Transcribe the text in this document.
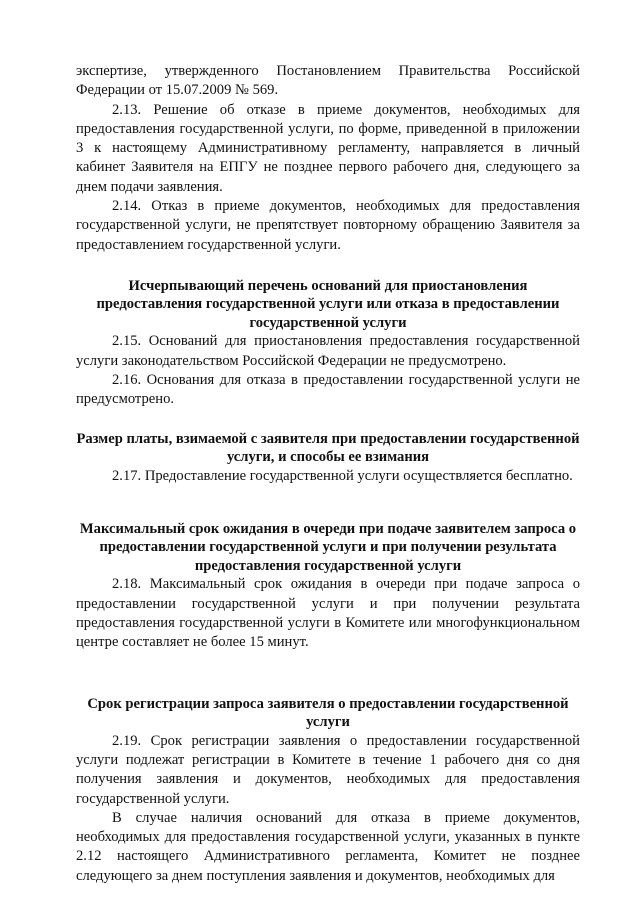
экспертизе, утвержденного Постановлением Правительства Российской Федерации от 15.07.2009 № 569.

2.13. Решение об отказе в приеме документов, необходимых для предоставления государственной услуги, по форме, приведенной в приложении 3 к настоящему Административному регламенту, направляется в личный кабинет Заявителя на ЕПГУ не позднее первого рабочего дня, следующего за днем подачи заявления.

2.14. Отказ в приеме документов, необходимых для предоставления государственной услуги, не препятствует повторному обращению Заявителя за предоставлением государственной услуги.

Исчерпывающий перечень оснований для приостановления предоставления государственной услуги или отказа в предоставлении государственной услуги

2.15. Оснований для приостановления предоставления государственной услуги законодательством Российской Федерации не предусмотрено.

2.16. Основания для отказа в предоставлении государственной услуги не предусмотрено.

Размер платы, взимаемой с заявителя при предоставлении государственной услуги, и способы ее взимания

2.17. Предоставление государственной услуги осуществляется бесплатно.

Максимальный срок ожидания в очереди при подаче заявителем запроса о предоставлении государственной услуги и при получении результата предоставления государственной услуги

2.18. Максимальный срок ожидания в очереди при подаче запроса о предоставлении государственной услуги и при получении результата предоставления государственной услуги в Комитете или многофункциональном центре составляет не более 15 минут.

Срок регистрации запроса заявителя о предоставлении государственной услуги

2.19. Срок регистрации заявления о предоставлении государственной услуги подлежат регистрации в Комитете в течение 1 рабочего дня со дня получения заявления и документов, необходимых для предоставления государственной услуги.

В случае наличия оснований для отказа в приеме документов, необходимых для предоставления государственной услуги, указанных в пункте 2.12 настоящего Административного регламента, Комитет не позднее следующего за днем поступления заявления и документов, необходимых для
